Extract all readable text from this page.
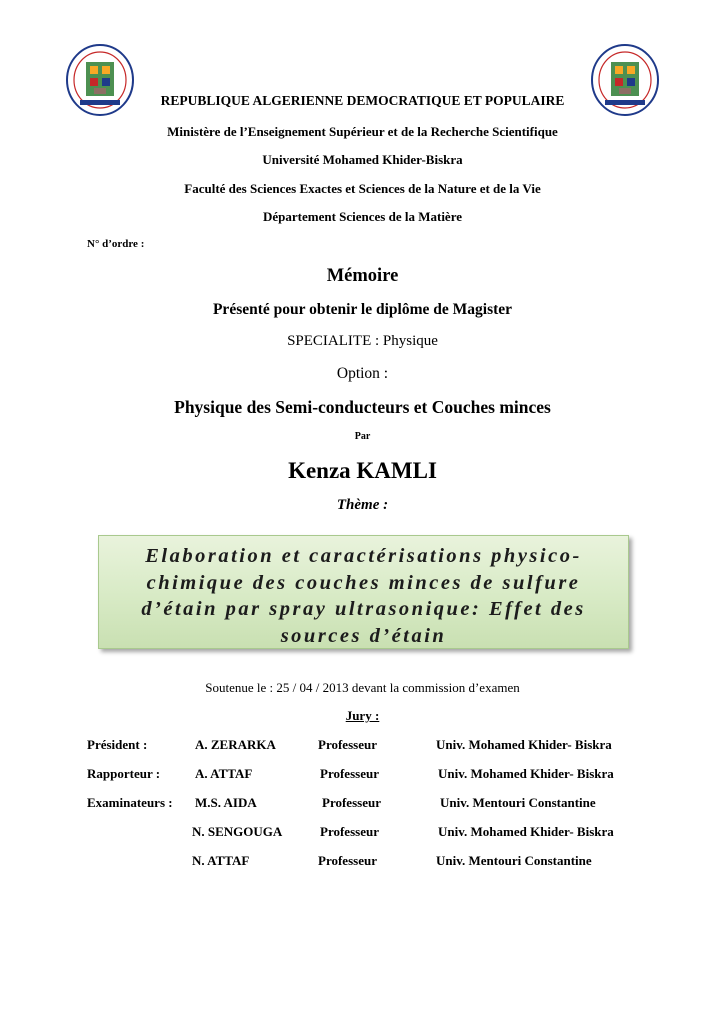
REPUBLIQUE ALGERIENNE DEMOCRATIQUE ET POPULAIRE
Ministère de l’Enseignement Supérieur et de la Recherche Scientifique
Université Mohamed Khider-Biskra
Faculté des Sciences Exactes et Sciences de la Nature et de la Vie
Département Sciences de la Matière
N° d’ordre :
Mémoire
Présenté pour obtenir le diplôme de Magister
SPECIALITE : Physique
Option :
Physique des Semi-conducteurs et Couches minces
Par
Kenza KAMLI
Thème :
Elaboration et caractérisations physico-
chimique des couches minces de sulfure
d’étain par spray ultrasonique: Effet des
sources d’étain
Soutenue le : 25 / 04 / 2013 devant la commission d’examen
Jury :
Président :	A. ZERARKA	Professeur	Univ. Mohamed Khider- Biskra
Rapporteur :	A. ATTAF	Professeur	Univ. Mohamed Khider- Biskra
Examinateurs : M.S. AIDA	Professeur	Univ. Mentouri Constantine
N. SENGOUGA	Professeur	Univ. Mohamed Khider- Biskra
N. ATTAF	Professeur	Univ. Mentouri Constantine
